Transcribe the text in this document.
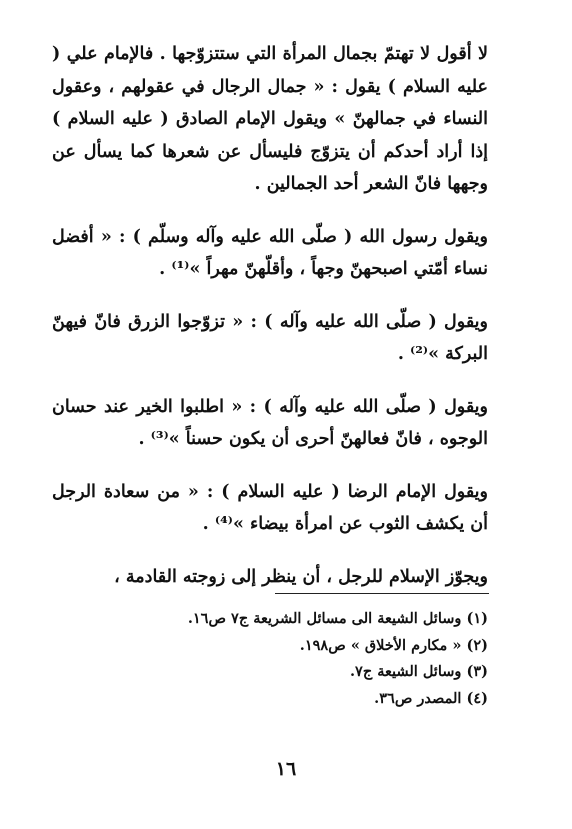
لا أقول لا تهتمّ بجمال المرأة التي ستتزوّجها . فالإمام علي ( عليه السلام ) يقول : « جمال الرجال في عقولهم ، وعقول النساء في جمالهنّ » ويقول الإمام الصادق ( عليه السلام ) إذا أراد أحدكم أن يتزوّج فليسأل عن شعرها كما يسأل عن وجهها فانّ الشعر أحد الجمالين .

ويقول رسول الله ( صلّى الله عليه وآله وسلّم ) : « أفضل نساء أمّتي اصبحهنّ وجهاً ، وأقلّهنّ مهراً »⁽¹⁾ .

ويقول ( صلّى الله عليه وآله ) : « تزوّجوا الزرق فانّ فيهنّ البركة »⁽²⁾ .

ويقول ( صلّى الله عليه وآله ) : « اطلبوا الخير عند حسان الوجوه ، فانّ فعالهنّ أحرى أن يكون حسناً »⁽³⁾ .

ويقول الإمام الرضا ( عليه السلام ) : « من سعادة الرجل أن يكشف الثوب عن امرأة بيضاء »⁽⁴⁾ .

ويجوّز الإسلام للرجل ، أن ينظر إلى زوجته القادمة ،

(١) وسائل الشيعة الى مسائل الشريعة ج٧ ص١٦.
(٢) « مكارم الأخلاق » ص١٩٨.
(٣) وسائل الشيعة ج٧.
(٤) المصدر ص٣٦.
١٦
